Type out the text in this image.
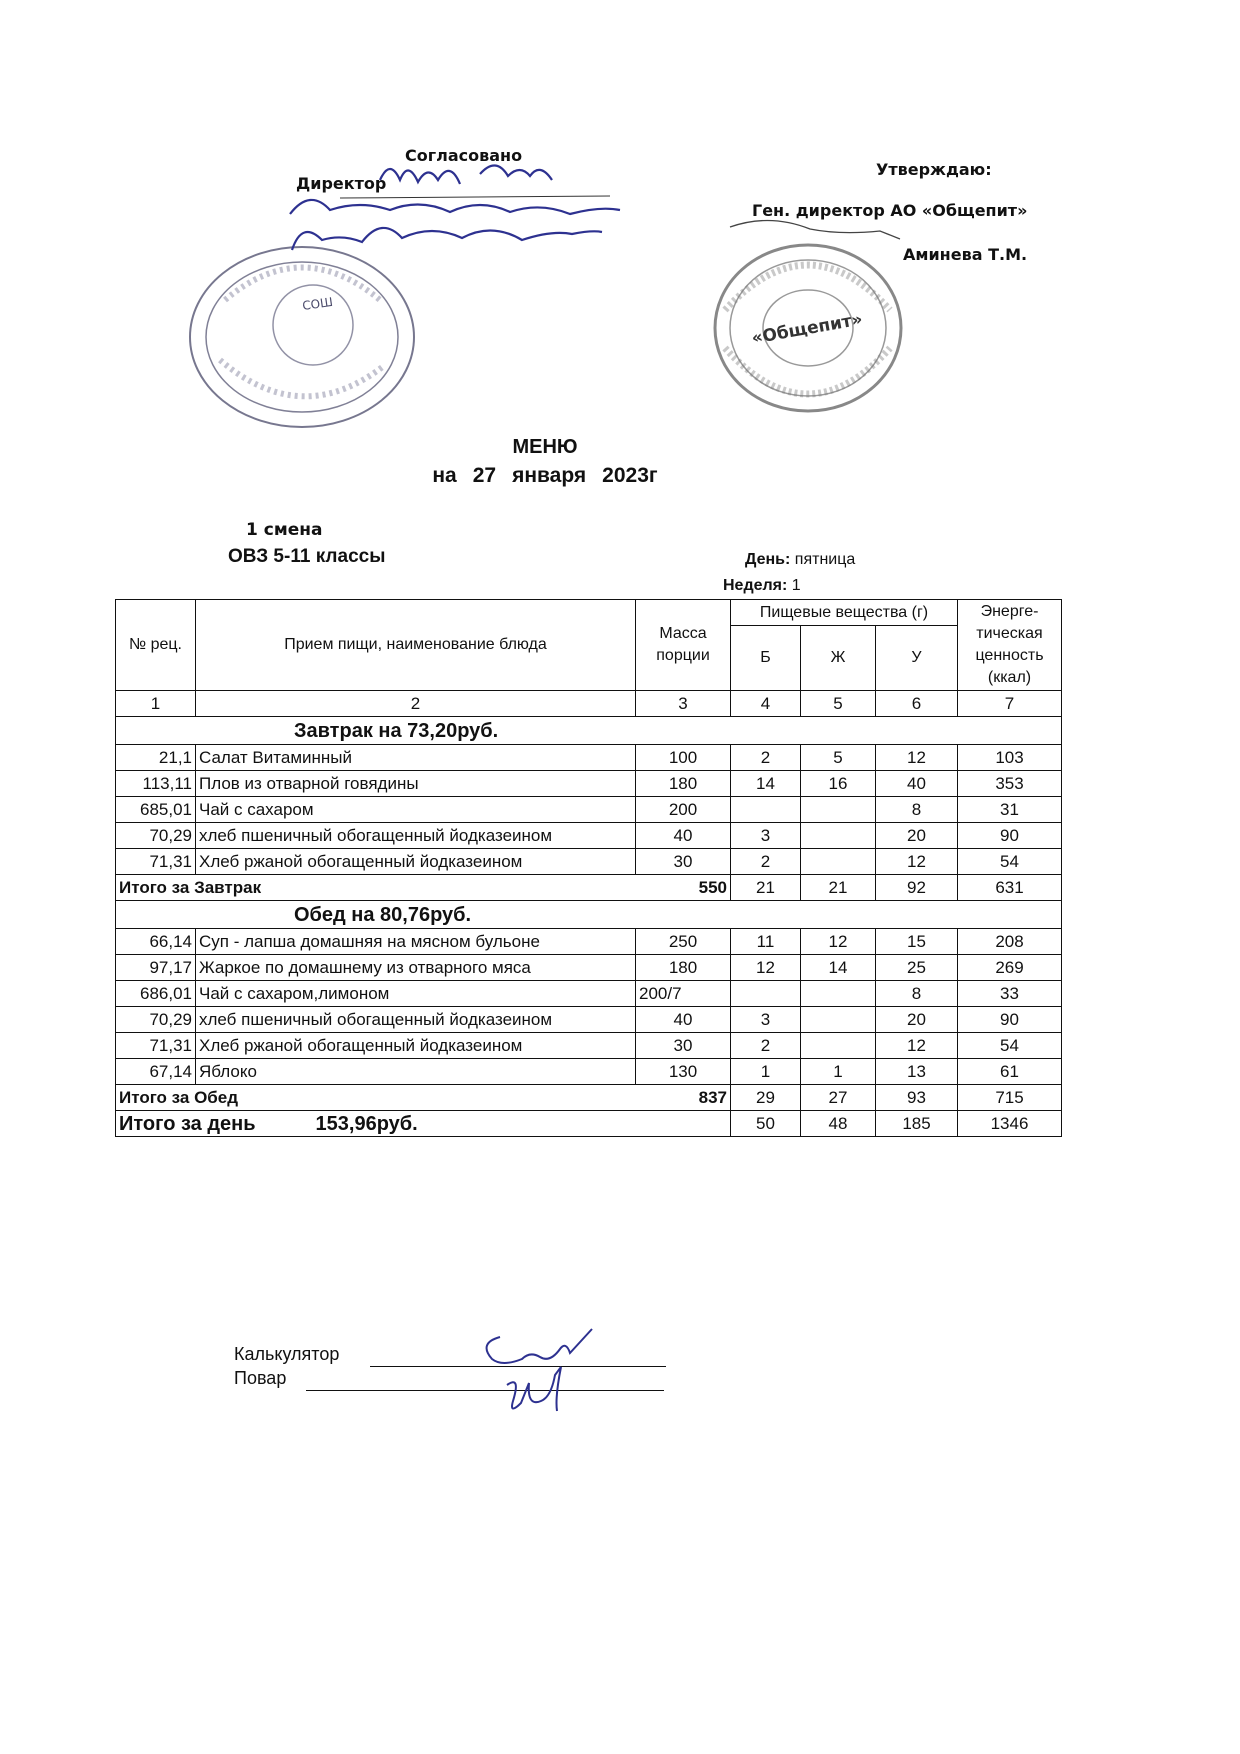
Согласовано
Директор
СОШ
Утверждаю:
Ген. директор АО «Общепит»
Аминева Т.М.
«Общепит»
МЕНЮ
на 27 января 2023г
1 смена
ОВЗ 5-11 классы	День: пятница
Неделя: 1
№ рец.	Прием пищи, наименование блюда	Масса порции	Пищевые вещества (г)			Энерге-тическая ценность (ккал)
			Б	Ж	У	
1	2	3	4	5	6	7
Завтрак на 73,20руб.						
21,1	Салат Витаминный	100	2	5	12	103
113,11	Плов из отварной говядины	180	14	16	40	353
685,01	Чай с сахаром	200			8	31
70,29	хлеб пшеничный обогащенный йодказеином	40	3		20	90
71,31	Хлеб ржаной обогащенный йодказеином	30	2		12	54
Итого за Завтрак		550	21	21	92	631
Обед на 80,76руб.						
66,14	Суп - лапша домашняя на мясном бульоне	250	11	12	15	208
97,17	Жаркое по домашнему из отварного мяса	180	12	14	25	269
686,01	Чай с сахаром,лимоном	200/7			8	33
70,29	хлеб пшеничный обогащенный йодказеином	40	3		20	90
71,31	Хлеб ржаной обогащенный йодказеином	30	2		12	54
67,14	Яблоко	130	1	1	13	61
Итого за Обед		837	29	27	93	715
Итого за день 153,96руб.			50	48	185	1346
Калькулятор
Повар
